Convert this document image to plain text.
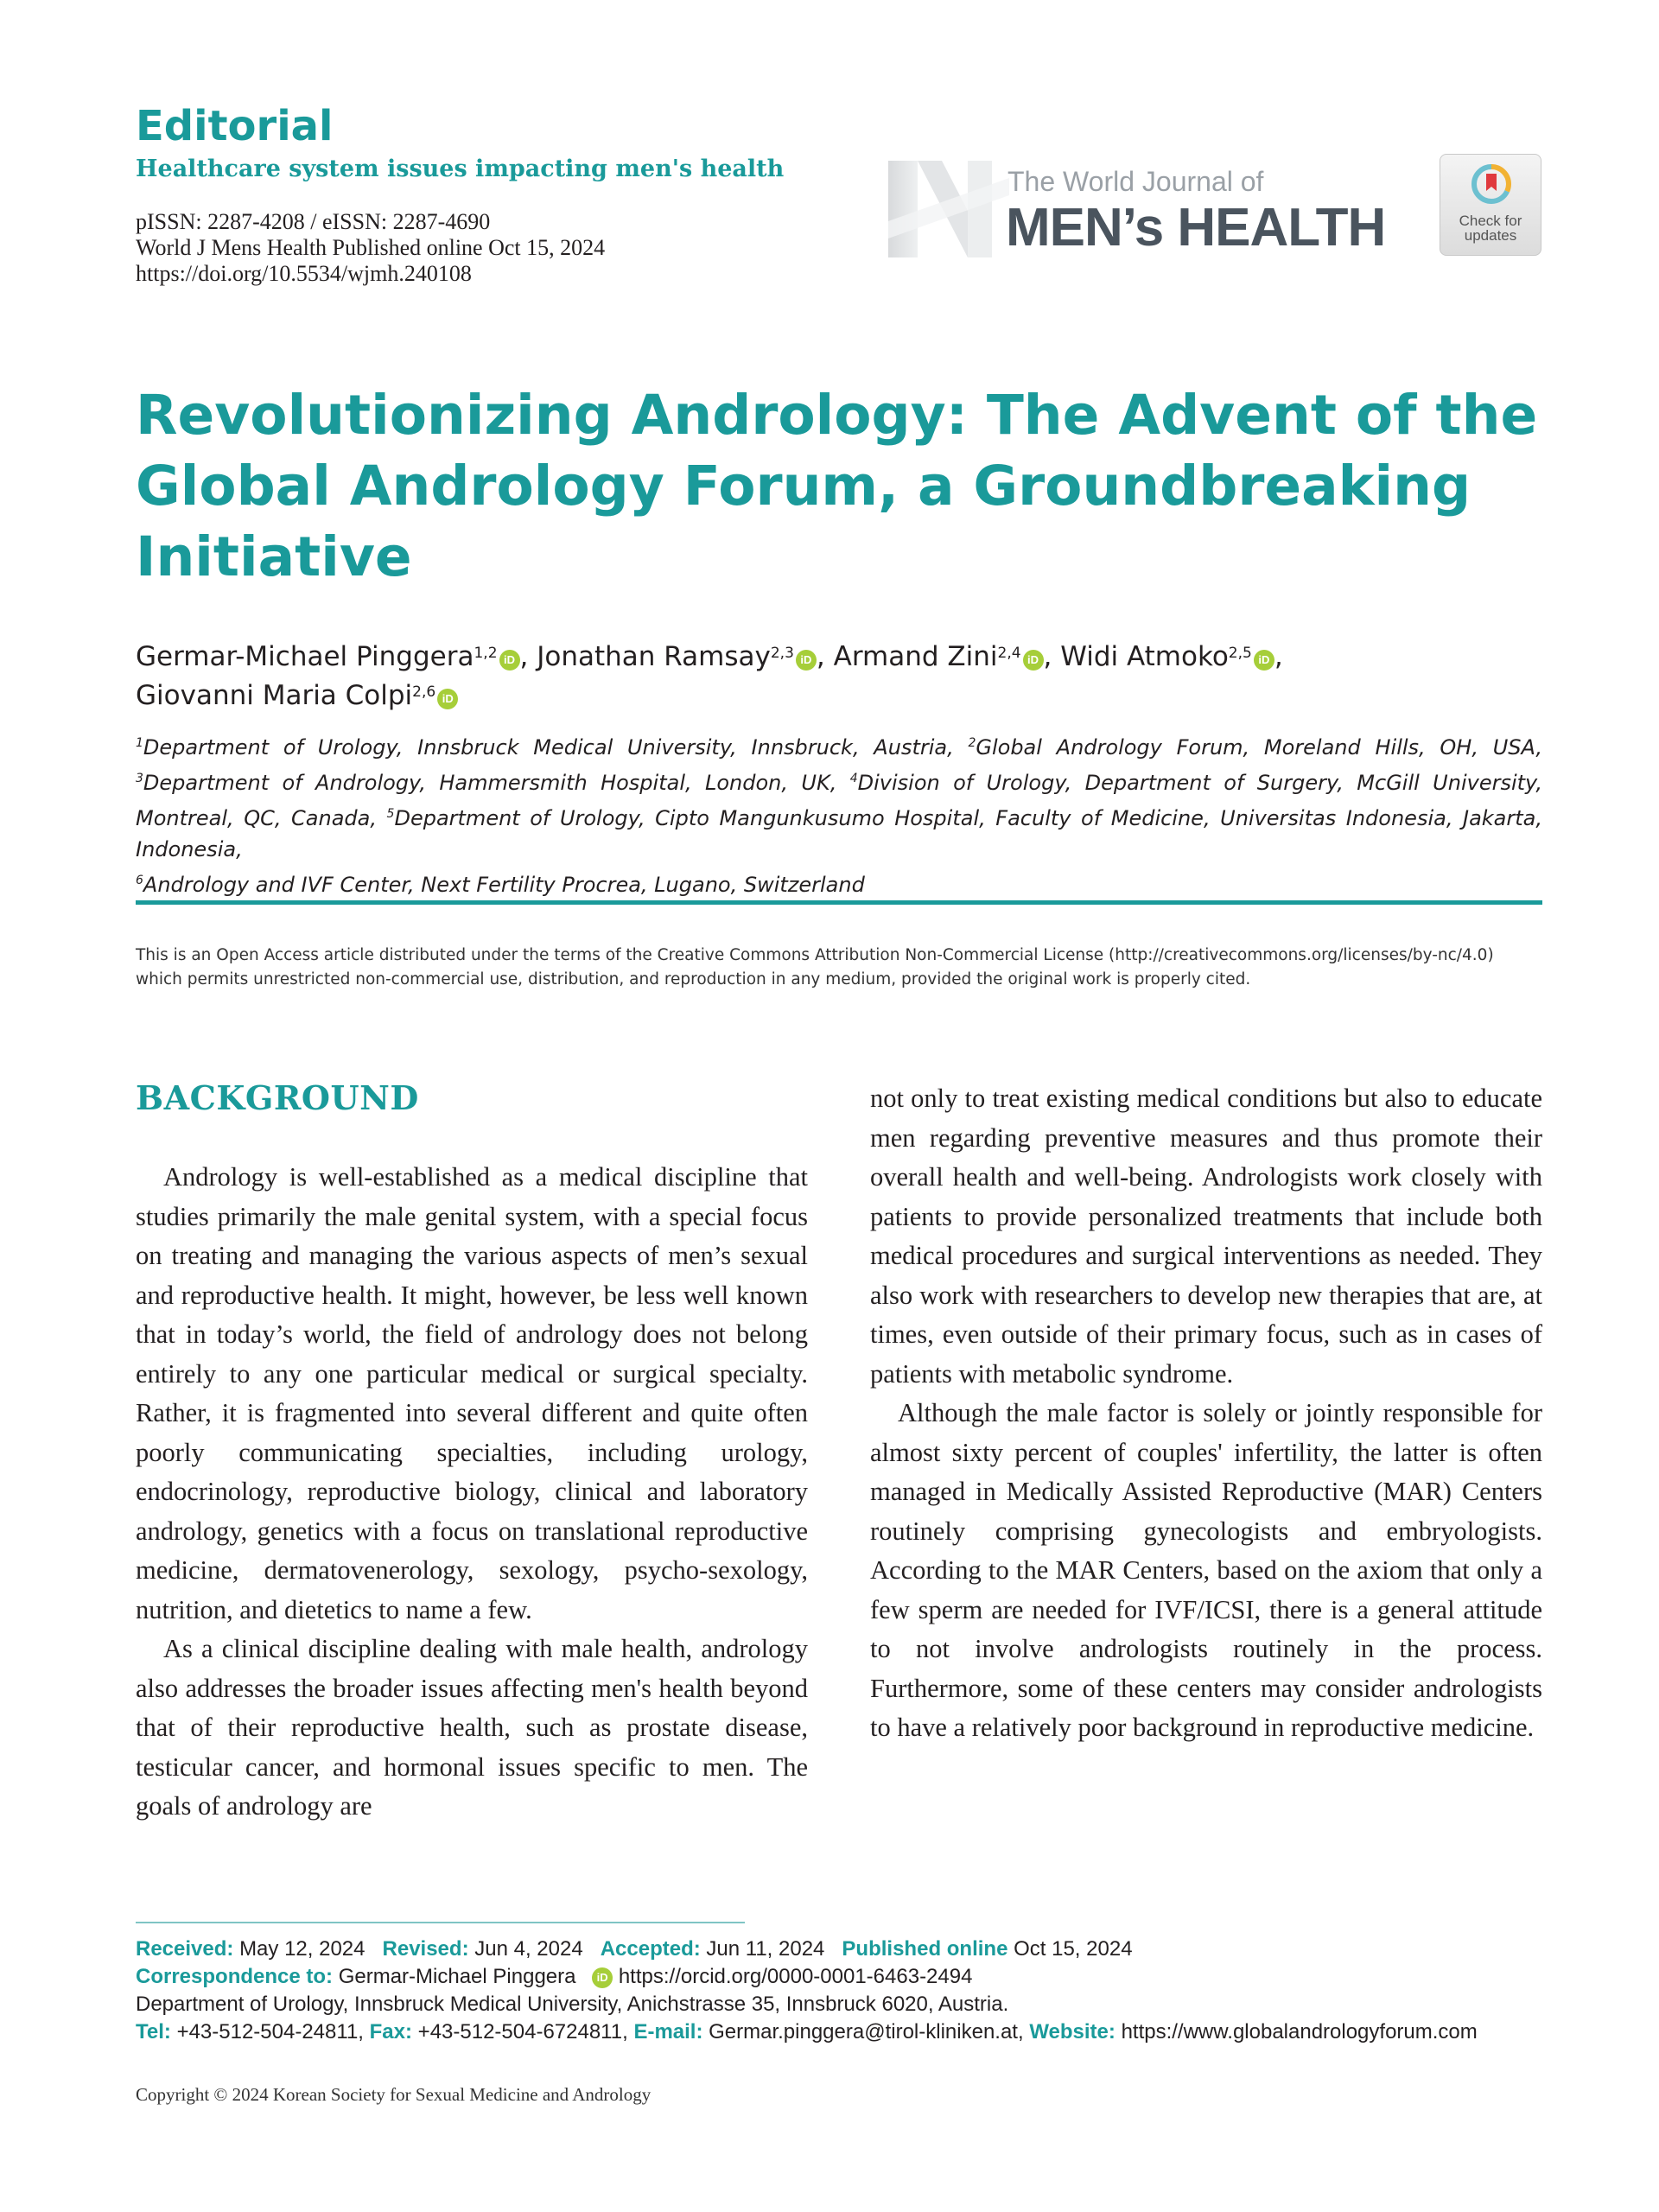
Editorial
Healthcare system issues impacting men's health
pISSN: 2287-4208 / eISSN: 2287-4690
World J Mens Health Published online Oct 15, 2024
https://doi.org/10.5534/wjmh.240108
The World Journal of
MEN’s HEALTH	Check for
updates
Revolutionizing Andrology: The Advent of the Global Andrology Forum, a Groundbreaking Initiative
Germar-Michael Pinggera$^{1,2}$ iD , Jonathan Ramsay$^{2,3}$ iD , Armand Zini$^{2,4}$ iD , Widi Atmoko$^{2,5}$ iD ,
Giovanni Maria Colpi$^{2,6}$ iD
$^1$Department of Urology, Innsbruck Medical University, Innsbruck, Austria, $^2$Global Andrology Forum, Moreland Hills, OH, USA, $^3$Department of Andrology, Hammersmith Hospital, London, UK, $^4$Division of Urology, Department of Surgery, McGill University, Montreal, QC, Canada, $^5$Department of Urology, Cipto Mangunkusumo Hospital, Faculty of Medicine, Universitas Indonesia, Jakarta, Indonesia,
$^6$Andrology and IVF Center, Next Fertility Procrea, Lugano, Switzerland
This is an Open Access article distributed under the terms of the Creative Commons Attribution Non-Commercial License (http://creativecommons.org/licenses/by-nc/4.0)
which permits unrestricted non-commercial use, distribution, and reproduction in any medium, provided the original work is properly cited.
BACKGROUND

Andrology is well-established as a medical discipline that studies primarily the male genital system, with a special focus on treating and managing the various aspects of men’s sexual and reproductive health. It might, however, be less well known that in today’s world, the field of andrology does not belong entirely to any one particular medical or surgical specialty. Rather, it is fragmented into several different and quite often poorly communicating specialties, including urology, endocrinology, reproductive biology, clinical and laboratory andrology, genetics with a focus on translational reproductive medicine, dermatovenerology, sexology, psycho-sexology, nutrition, and dietetics to name a few.

As a clinical discipline dealing with male health, andrology also addresses the broader issues affecting men's health beyond that of their reproductive health, such as prostate disease, testicular cancer, and hormonal issues specific to men. The goals of andrology are

not only to treat existing medical conditions but also to educate men regarding preventive measures and thus promote their overall health and well-being. Andrologists work closely with patients to provide personalized treatments that include both medical procedures and surgical interventions as needed. They also work with researchers to develop new therapies that are, at times, even outside of their primary focus, such as in cases of patients with metabolic syndrome.

Although the male factor is solely or jointly responsible for almost sixty percent of couples' infertility, the latter is often managed in Medically Assisted Reproductive (MAR) Centers routinely comprising gynecologists and embryologists. According to the MAR Centers, based on the axiom that only a few sperm are needed for IVF/ICSI, there is a general attitude to not involve andrologists routinely in the process. Furthermore, some of these centers may consider andrologists to have a relatively poor background in reproductive medicine.

Received: May 12, 2024 Revised: Jun 4, 2024 Accepted: Jun 11, 2024 Published online Oct 15, 2024
Correspondence to: Germar-Michael Pinggera iD https://orcid.org/0000-0001-6463-2494
Department of Urology, Innsbruck Medical University, Anichstrasse 35, Innsbruck 6020, Austria.
Tel: +43-512-504-24811, Fax: +43-512-504-6724811, E-mail: Germar.pinggera@tirol-kliniken.at, Website: https://www.globalandrologyforum.com
Copyright © 2024 Korean Society for Sexual Medicine and Andrology
